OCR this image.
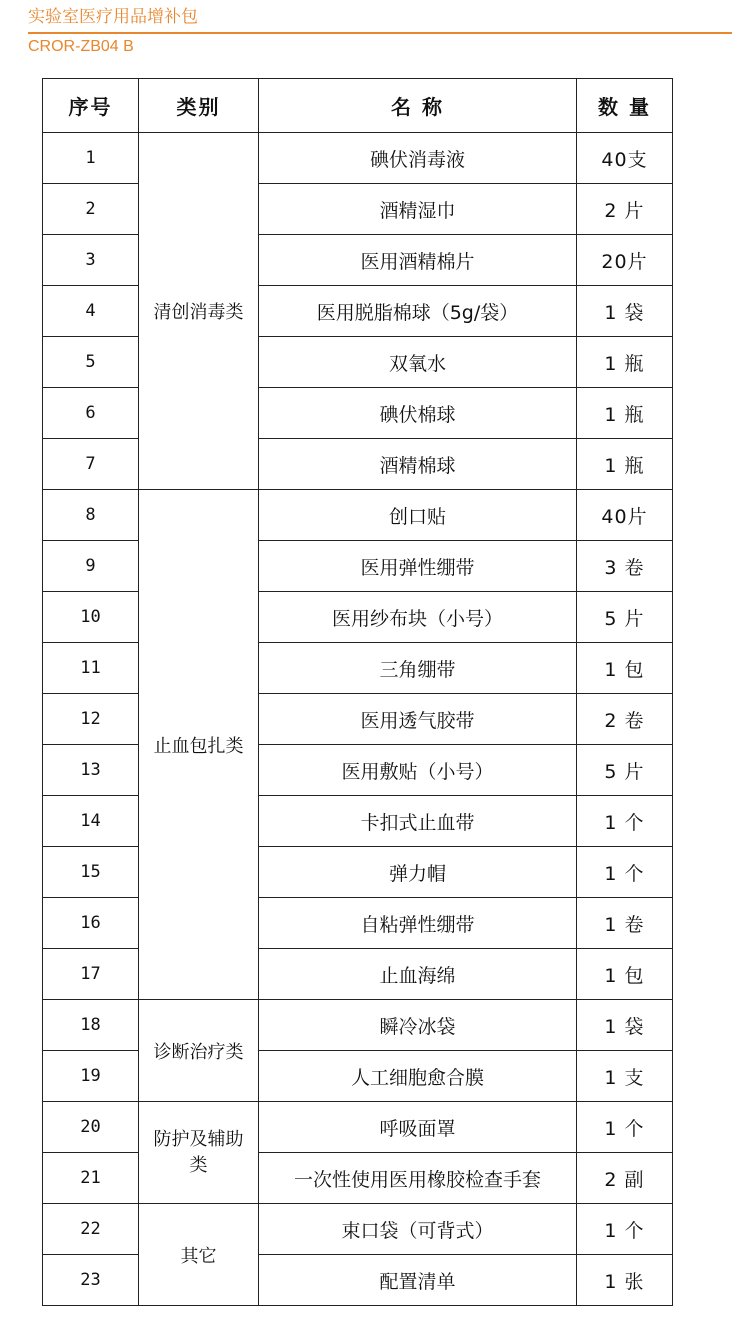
实验室医疗用品增补包
CROR-ZB04 B
序号	类别	名 称	数 量
1	清创消毒类	碘伏消毒液	40支
2		酒精湿巾	2 片
3		医用酒精棉片	20片
4		医用脱脂棉球（5g/袋）	1 袋
5		双氧水	1 瓶
6		碘伏棉球	1 瓶
7		酒精棉球	1 瓶
8	止血包扎类	创口贴	40片
9		医用弹性绷带	3 卷
10		医用纱布块（小号）	5 片
11		三角绷带	1 包
12		医用透气胶带	2 卷
13		医用敷贴（小号）	5 片
14		卡扣式止血带	1 个
15		弹力帽	1 个
16		自粘弹性绷带	1 卷
17		止血海绵	1 包
18	诊断治疗类	瞬冷冰袋	1 袋
19		人工细胞愈合膜	1 支
20	防护及辅助类	呼吸面罩	1 个
21		一次性使用医用橡胶检查手套	2 副
22	其它	束口袋（可背式）	1 个
23		配置清单	1 张
